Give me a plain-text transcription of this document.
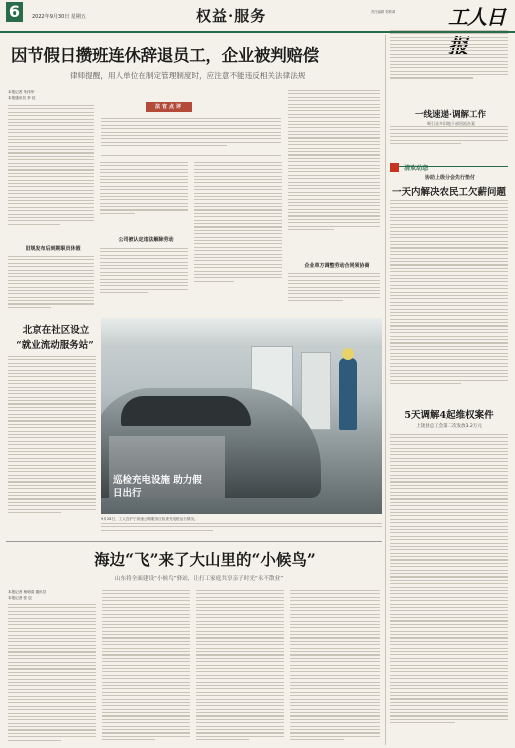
6	2022年9月30日 星期五	权益·服务	责任编辑 郑利鸿	工人日
因节假日攒班连休辞退员工，企业被判赔偿
律师提醒，用人单位在制定管理制度时，应注意不能违反相关法律法规
本报记者 朱伟华
本报通讯员 李 佳
旧规发布后到期职员休假
法官点评
公司被认定违法解除劳动
企业单方调整劳动合同须协商
一线速递·调解工作
吸引众多旧地干部回流办案
清欢动态
协助上级分会先行垫付
一天内解决农民工欠薪问题
5天调解4起维权案件
上饶县总工会第二次发放3.2万元
北京在社区设立
“就业流动服务站”
巡检充电设施 助力假日出行
9月28日，工人在沪宁高速公路服务区检查充电桩运行情况。
海边“飞”来了大山里的“小候鸟”
山东将全面建设“小候鸟”驿站，让打工家庭共享亲子时光“永不散业”
本报记者 杨明清 通讯员
本报记者 张 辰
